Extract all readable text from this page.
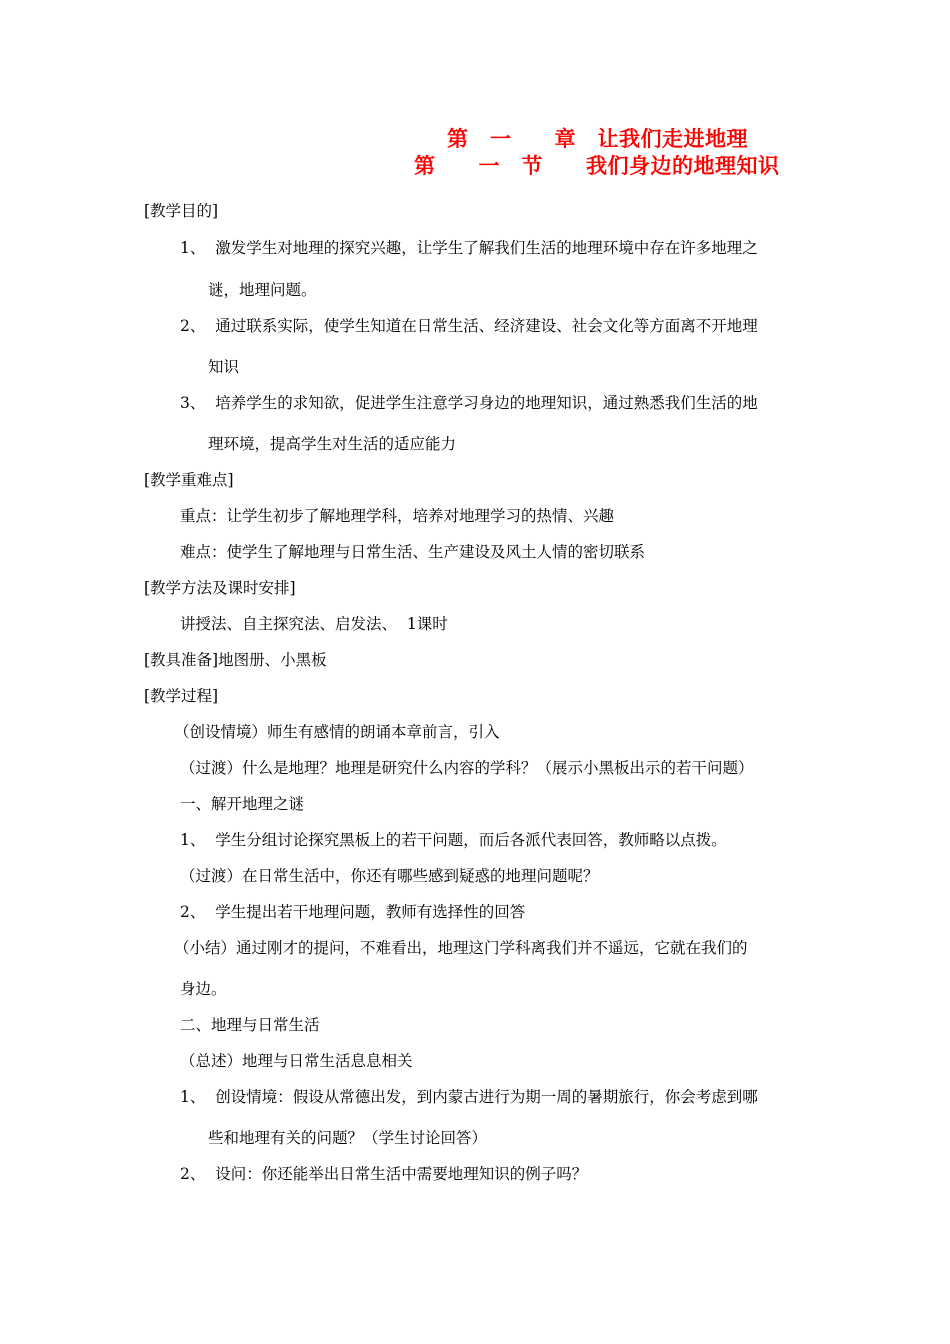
第　一　　章　让我们走进地理
第　　一　节　　我们身边的地理知识
[教学目的]
1、  激发学生对地理的探究兴趣，让学生了解我们生活的地理环境中存在许多地理之
谜，地理问题。
2、  通过联系实际，使学生知道在日常生活、经济建设、社会文化等方面离不开地理
知识
3、  培养学生的求知欲，促进学生注意学习身边的地理知识，通过熟悉我们生活的地
理环境，提高学生对生活的适应能力
[教学重难点]
重点：让学生初步了解地理学科，培养对地理学习的热情、兴趣
难点：使学生了解地理与日常生活、生产建设及风土人情的密切联系
[教学方法及课时安排]
讲授法、自主探究法、启发法、  1课时
[教具准备]地图册、小黑板
[教学过程]
（创设情境）师生有感情的朗诵本章前言，引入
（过渡）什么是地理？地理是研究什么内容的学科？（展示小黑板出示的若干问题）
一、解开地理之谜
1、  学生分组讨论探究黑板上的若干问题，而后各派代表回答，教师略以点拨。
（过渡）在日常生活中，你还有哪些感到疑惑的地理问题呢？
2、  学生提出若干地理问题，教师有选择性的回答
（小结）通过刚才的提问，不难看出，地理这门学科离我们并不遥远，它就在我们的
身边。
二、地理与日常生活
（总述）地理与日常生活息息相关
1、  创设情境：假设从常德出发，到内蒙古进行为期一周的暑期旅行，你会考虑到哪
些和地理有关的问题？（学生讨论回答）
2、  设问：你还能举出日常生活中需要地理知识的例子吗？
